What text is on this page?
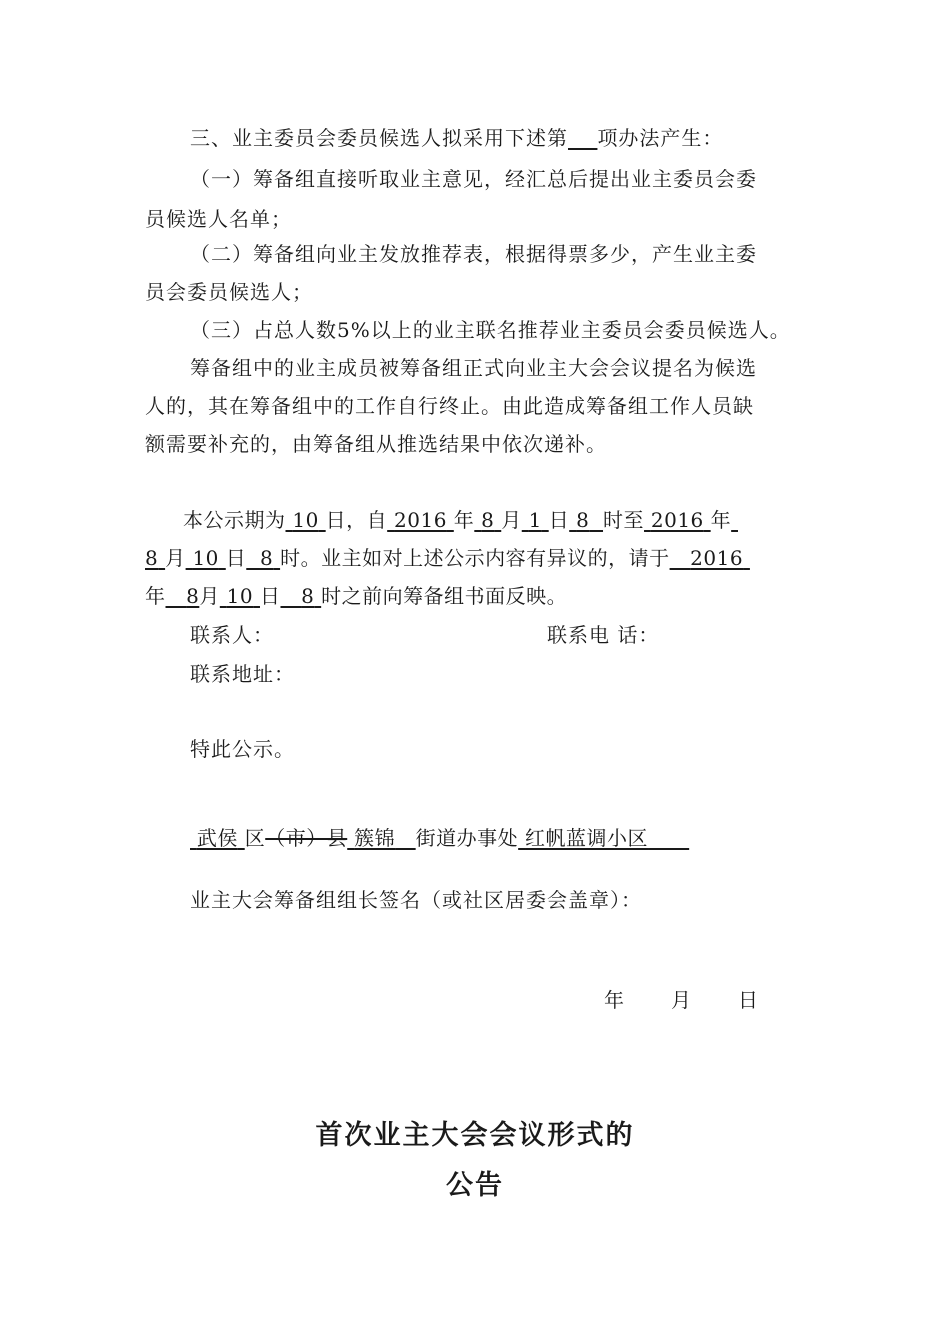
三、业主委员会委员候选人拟采用下述第 项办法产生：
（一）筹备组直接听取业主意见，经汇总后提出业主委员会委
员候选人名单；
（二）筹备组向业主发放推荐表，根据得票多少，产生业主委
员会委员候选人；
（三）占总人数5%以上的业主联名推荐业主委员会委员候选人。
筹备组中的业主成员被筹备组正式向业主大会会议提名为候选
人的，其在筹备组中的工作自行终止。由此造成筹备组工作人员缺
额需要补充的，由筹备组从推选结果中依次递补。
本公示期为 10 日，自 2016 年 8 月 1 日 8 时至 2016 年
8 月 10 日 8 时。业主如对上述公示内容有异议的，请于 2016
年 8月 10 日 8 时之前向筹备组书面反映。
联系人：	联系电 话：
联系地址：
特此公示。
武侯 区（市）县 簇锦 街道办事处 红帆蓝调小区
业主大会筹备组组长签名（或社区居委会盖章）：
年 月 日
首次业主大会会议形式的
公告
